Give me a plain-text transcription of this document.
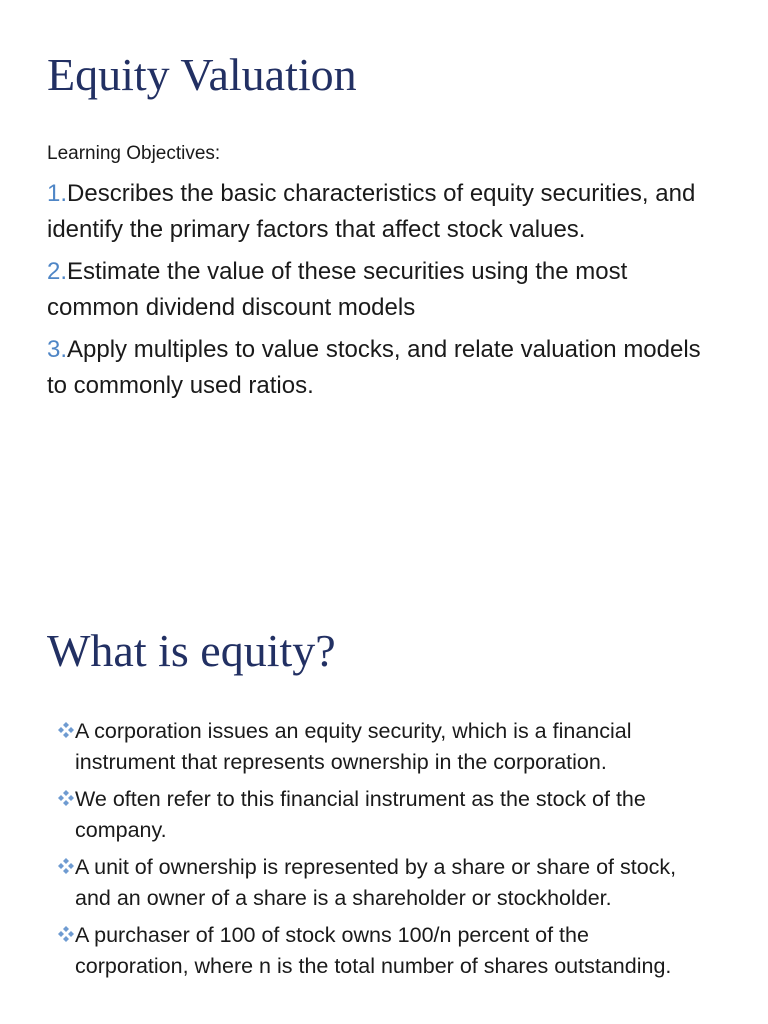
Equity Valuation
Learning Objectives:
1.Describes the basic characteristics of equity securities, and identify the primary factors that affect stock values.
2.Estimate the value of these securities using the most common dividend discount models
3.Apply multiples to value stocks, and relate valuation models to commonly used ratios.
What is equity?
A corporation issues an equity security, which is a financial instrument that represents ownership in the corporation.
We often refer to this financial instrument as the stock of the company.
A unit of ownership is represented by a share or share of stock, and an owner of a share is a shareholder or stockholder.
A purchaser of 100 of stock owns 100/n percent of the corporation, where n is the total number of shares outstanding.
